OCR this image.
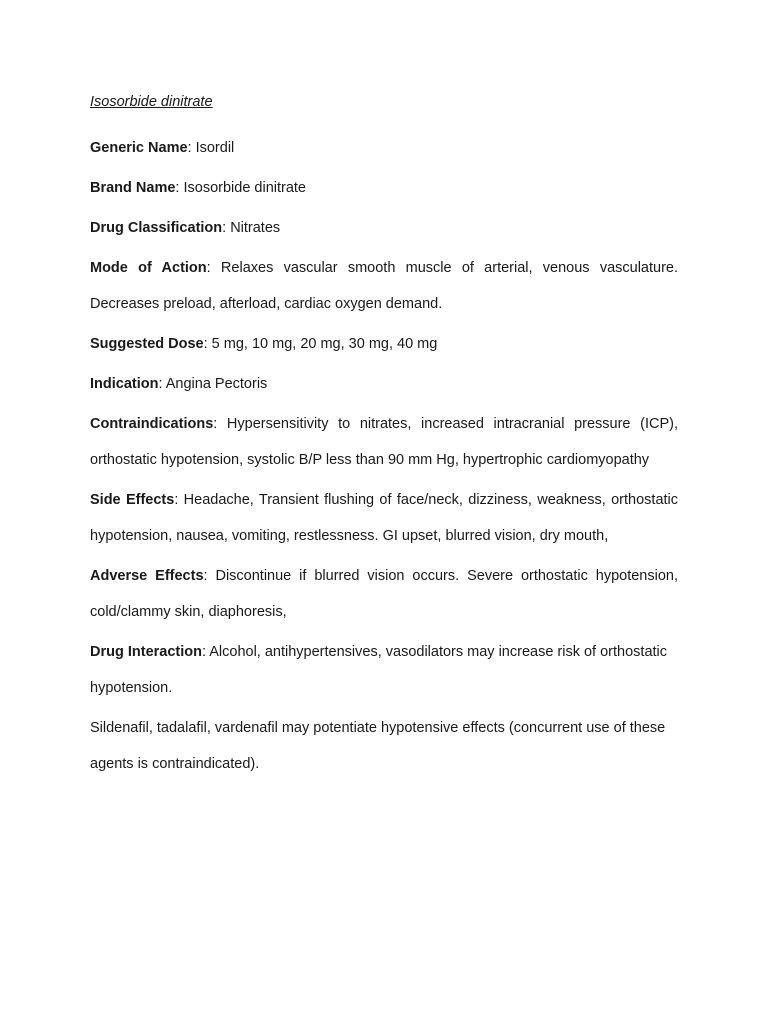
Isosorbide dinitrate
Generic Name: Isordil
Brand Name: Isosorbide dinitrate
Drug Classification: Nitrates
Mode of Action: Relaxes vascular smooth muscle of arterial, venous vasculature. Decreases preload, afterload, cardiac oxygen demand.
Suggested Dose: 5 mg, 10 mg, 20 mg, 30 mg, 40 mg
Indication: Angina Pectoris
Contraindications: Hypersensitivity to nitrates, increased intracranial pressure (ICP), orthostatic hypotension, systolic B/P less than 90 mm Hg, hypertrophic cardiomyopathy
Side Effects: Headache, Transient flushing of face/neck, dizziness, weakness, orthostatic hypotension, nausea, vomiting, restlessness. GI upset, blurred vision, dry mouth,
Adverse Effects: Discontinue if blurred vision occurs. Severe orthostatic hypotension, cold/clammy skin, diaphoresis,
Drug Interaction: Alcohol, antihypertensives, vasodilators may increase risk of orthostatic hypotension.
Sildenafil, tadalafil, vardenafil may potentiate hypotensive effects (concurrent use of these agents is contraindicated).
